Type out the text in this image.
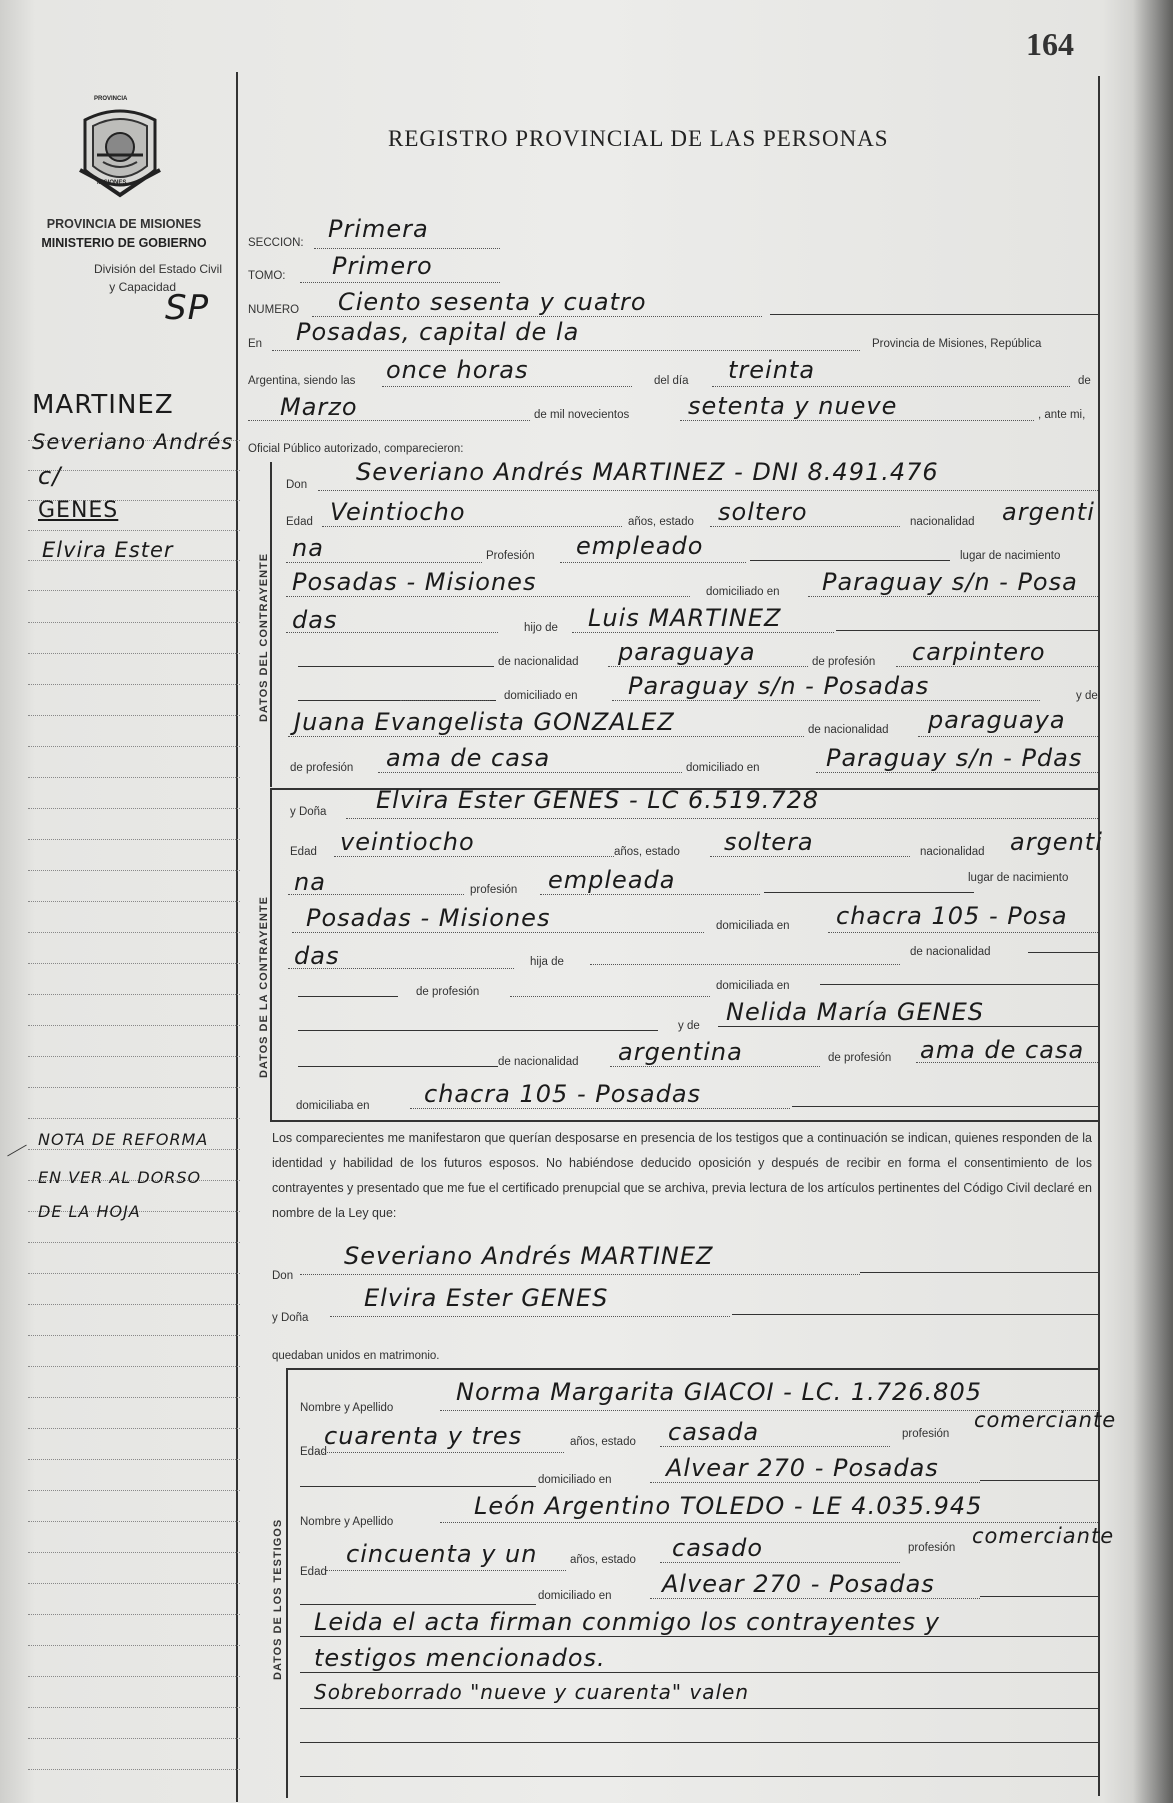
164
PROVINCIA
MISIONES
PROVINCIA DE MISIONES
MINISTERIO DE GOBIERNO
División del Estado Civil
y Capacidad
SP
REGISTRO PROVINCIAL DE LAS PERSONAS
MARTINEZ
Severiano Andrés
c/
GENES
Elvira Ester
NOTA DE REFORMA
EN VER AL DORSO
DE LA HOJA
SECCION: Primera
TOMO: Primero
NUMERO Ciento sesenta y cuatro
En Posadas, capital de la	Provincia de Misiones, República
Argentina, siendo las once horas	del día treinta	de
Marzo	de mil novecientos setenta y nueve	, ante mi,
Oficial Público autorizado, comparecieron:
DATOS DEL CONTRAYENTE
Don Severiano Andrés MARTINEZ - DNI 8.491.476
Edad Veintiocho	años, estado soltero	nacionalidad argenti
na	Profesión empleado	lugar de nacimiento
Posadas - Misiones	domiciliado en Paraguay s/n - Posa
das	hijo de Luis MARTINEZ
de nacionalidad paraguaya	de profesión carpintero
domiciliado en Paraguay s/n - Posadas	y de
Juana Evangelista GONZALEZ	de nacionalidad paraguaya
de profesión ama de casa	domiciliado en	Paraguay s/n - Pdas
DATOS DE LA CONTRAYENTE
y Doña Elvira Ester GENES - LC 6.519.728
Edad veintiocho	años, estado soltera	nacionalidad argenti
na	profesión empleada	lugar de nacimiento
Posadas - Misiones	domiciliada en chacra 105 - Posa
das	hija de
de nacionalidad
de profesión	domiciliada en
y de Nelida María GENES
de nacionalidad argentina	de profesión ama de casa
domiciliaba en chacra 105 - Posadas
Los comparecientes me manifestaron que querían desposarse en presencia de los testigos que a continuación se indican, quienes responden de la identidad y habilidad de los futuros esposos. No habiéndose deducido oposición y después de recibir en forma el consentimiento de los contrayentes y presentado que me fue el certificado prenupcial que se archiva, previa lectura de los artículos pertinentes del Código Civil declaré en nombre de la Ley que:
Don
Severiano Andrés MARTINEZ
y Doña
Elvira Ester GENES
quedaban unidos en matrimonio.
DATOS DE LOS TESTIGOS
Nombre y Apellido
Norma Margarita GIACOI - LC. 1.726.805
Edad
cuarenta y tres	años, estado casada	profesión
comerciante
domiciliado en Alvear 270 - Posadas
Nombre y Apellido
León Argentino TOLEDO - LE 4.035.945
Edad
cincuenta y un	años, estado casado	profesión comerciante
domiciliado en Alvear 270 - Posadas
Leida el acta firman conmigo los contrayentes y
testigos mencionados.
Sobreborrado "nueve y cuarenta" valen
